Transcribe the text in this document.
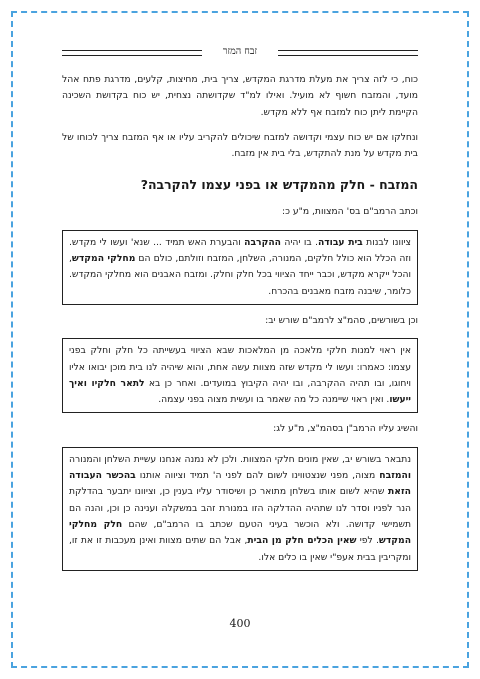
זבח המזר

כוח, כי לזה צריך את מעלת מדרגת המקדש, צריך בית, מחיצות, קלעים, מדרגת פתח אהל מועד, והמזבח חשוף לא מועיל. ואילו למ"ד שקדושתה נצחית, יש כוח בקדושת השכינה הקיימת ליתן כוח למזבח אף ללא מקדש.

ונחלקו אם יש כוח עצמי וקדושה למזבח שיכולים להקריב עליו או אף המזבח צריך לכוחו של בית מקדש על מנת להתקדש, בלי בית אין מזבח.

המזבח - חלק מהמקדש או בפני עצמו להקרבה?

וכתב הרמב"ם בס' המצוות, מ"ע כ:

ציוונו לבנות בית עבודה. בו יהיה ההקרבה והבערת האש תמיד ... שנא' ועשו לי מקדש. וזה הכלל הוא כולל חלקים, המנורה, השלחן, המזבח וזולתם, כולם הם מחלקי המקדש, והכל ייקרא מקדש, וכבר ייחד הציווי בכל חלק וחלק. ומזבח האבנים הוא מחלקי המקדש. כלומר, שיבנה מזבח מאבנים בהכרח.

וכן בשורשים, סהמ"צ לרמב"ם שורש יב:

אין ראוי למנות חלקי מלאכה מן המלאכות שבא הציווי בעשייתה כל חלק וחלק בפני עצמו: כאמרו: ועשו לי מקדש שזה מצוות עשה אחת, והוא שיהיה לנו בית מוכן יבואו אליו ויחוגו, ובו תהיה ההקרבה, ובו יהיה הקיבוץ במועדים. ואחר כן בא לתאר חלקיו ואיך ייעשו. ואין ראוי שיימנה כל מה שאמר בו ועשית מצוה בפני עצמה.

והשיג עליו הרמב"ן בסהמ"צ, מ"ע לג:

נתבאר בשורש יב, שאין מונים חלקי המצוות. ולכן לא נמנה אנחנו עשיית השלחן והמנורה והמזבח מצוה, מפני שנצטווינו לשום להם לפני ה' תמיד וציווה אותנו בהכשר העבודה הזאת שהיא לשום אותו בשלחן מתואר כן ושיסודר עליו בענין כן, וציוונו יתבער בהדלקת הנר לפניו וסדר לנו שתהיה ההדלקה הזו במנורת זהב במשקלה וענינה כן וכן, והנה הם תשמישי קדושה. ולא הוכשר בעיני הטעם שכתב בו הרמב"ם, שהם חלק מחלקי המקדש. לפי שאין הכלים חלק מן הבית, אבל הם שתים מצוות ואינן מעכבות זו את זו, ומקריבין בבית אעפ"י שאין בו כלים אלו.

400
